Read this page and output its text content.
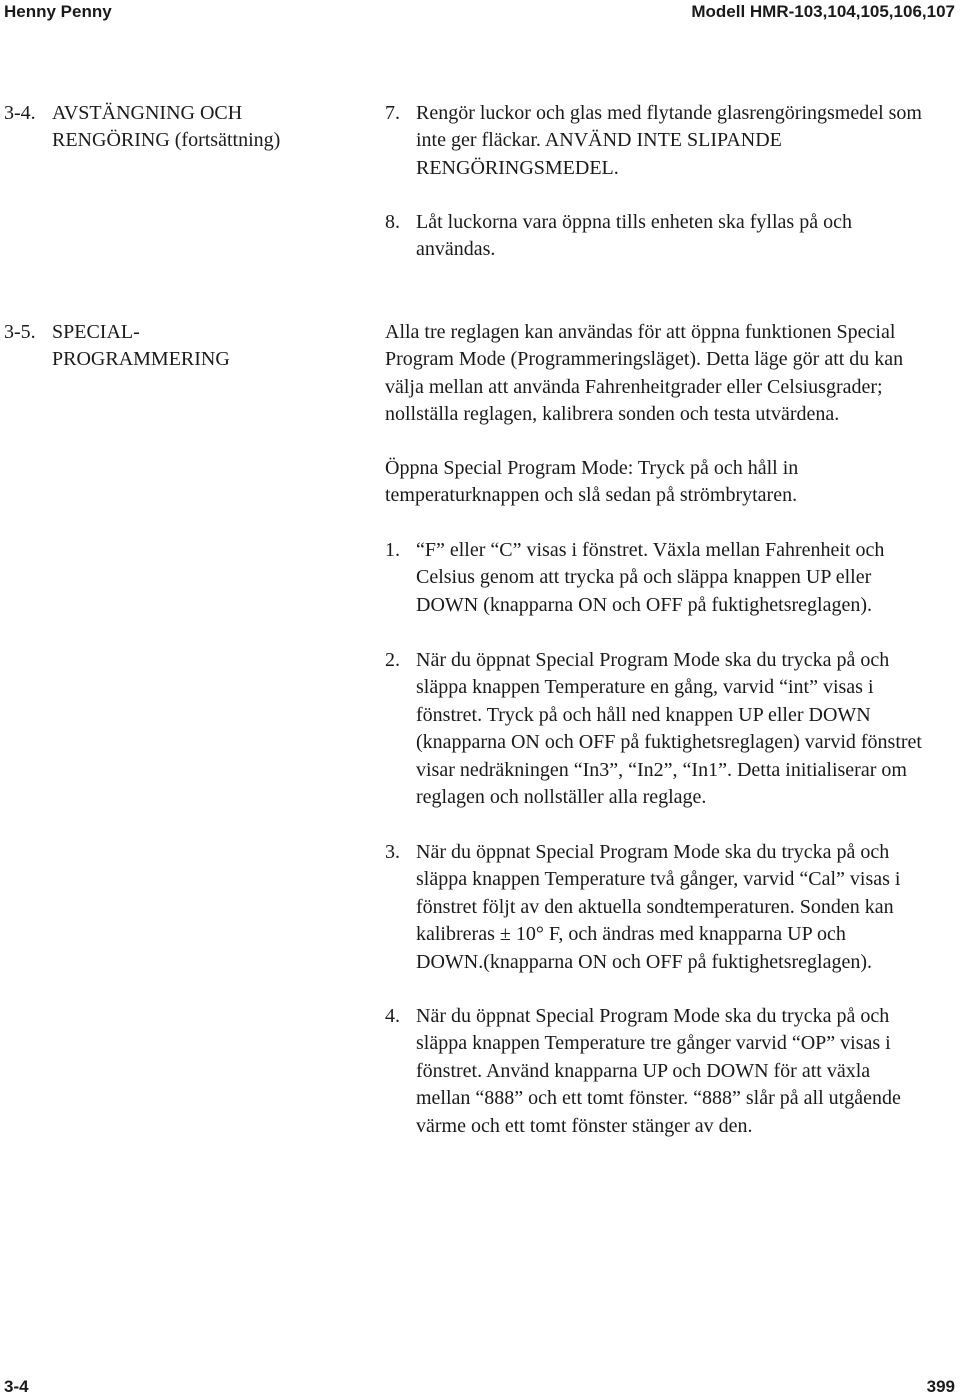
Henny Penny	Modell HMR-103,104,105,106,107
3-4. AVSTÄNGNING OCH
RENGÖRING (fortsättning)
7. Rengör luckor och glas med flytande glasrengöringsmedel som
inte ger fläckar. ANVÄND INTE SLIPANDE
RENGÖRINGSMEDEL.
8. Låt luckorna vara öppna tills enheten ska fyllas på och
användas.
3-5. SPECIAL-
PROGRAMMERING
Alla tre reglagen kan användas för att öppna funktionen Special
Program Mode (Programmeringsläget). Detta läge gör att du kan
välja mellan att använda Fahrenheitgrader eller Celsiusgrader;
nollställa reglagen, kalibrera sonden och testa utvärdena.
Öppna Special Program Mode: Tryck på och håll in
temperaturknappen och slå sedan på strömbrytaren.
1. “F” eller “C” visas i fönstret. Växla mellan Fahrenheit och
Celsius genom att trycka på och släppa knappen UP eller
DOWN (knapparna ON och OFF på fuktighetsreglagen).
2. När du öppnat Special Program Mode ska du trycka på och
släppa knappen Temperature en gång, varvid “int” visas i
fönstret. Tryck på och håll ned knappen UP eller DOWN
(knapparna ON och OFF på fuktighetsreglagen) varvid fönstret
visar nedräkningen “In3”, “In2”, “In1”. Detta initialiserar om
reglagen och nollställer alla reglage.
3. När du öppnat Special Program Mode ska du trycka på och
släppa knappen Temperature två gånger, varvid “Cal” visas i
fönstret följt av den aktuella sondtemperaturen. Sonden kan
kalibreras ± 10° F, och ändras med knapparna UP och
DOWN.(knapparna ON och OFF på fuktighetsreglagen).
4. När du öppnat Special Program Mode ska du trycka på och
släppa knappen Temperature tre gånger varvid “OP” visas i
fönstret. Använd knapparna UP och DOWN för att växla
mellan “888” och ett tomt fönster. “888” slår på all utgående
värme och ett tomt fönster stänger av den.
3-4	399
